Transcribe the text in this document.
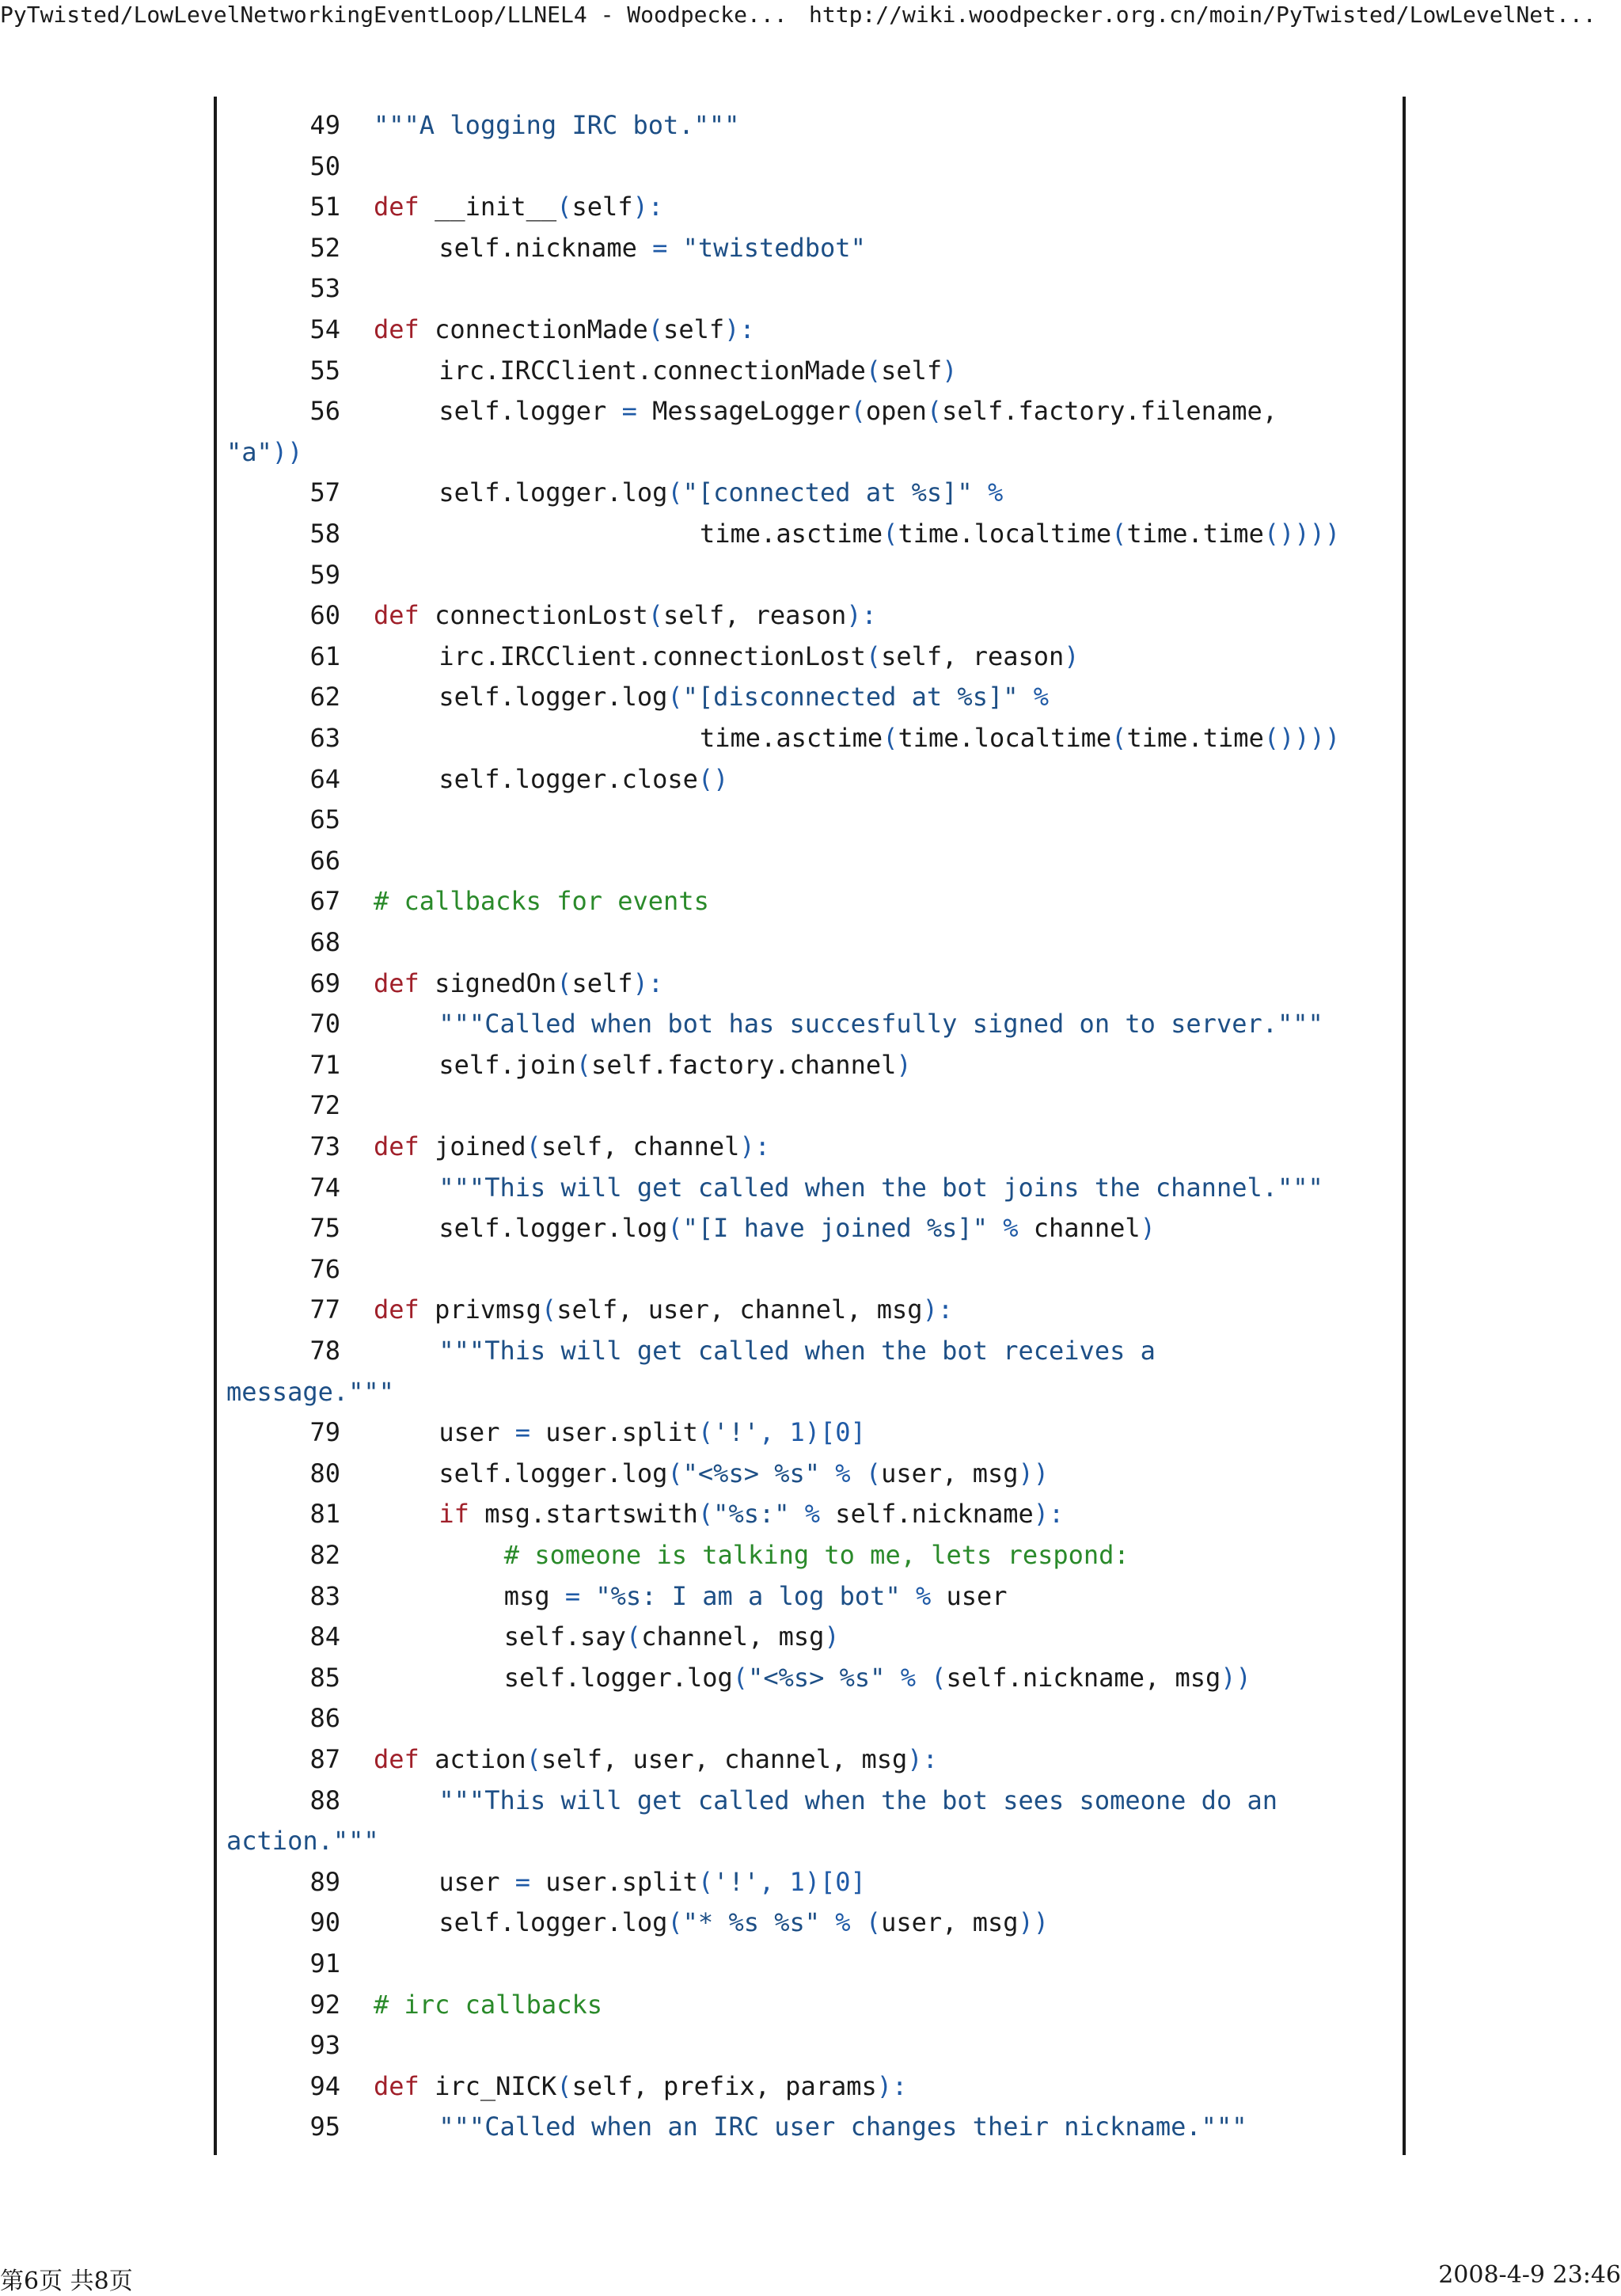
PyTwisted/LowLevelNetworkingEventLoop/LLNEL4 - Woodpecke... http://wiki.woodpecker.org.cn/moin/PyTwisted/LowLevelNet...
49 """A logging IRC bot."""
50
51 def __init__(self):
52	self.nickname = "twistedbot"
53
54 def connectionMade(self):
55	irc.IRCClient.connectionMade(self)
56	self.logger = MessageLogger(open(self.factory.filename,
"a"))
57	self.logger.log("[connected at %s]" %
58	time.asctime(time.localtime(time.time())))
59
60 def connectionLost(self, reason):
61	irc.IRCClient.connectionLost(self, reason)
62	self.logger.log("[disconnected at %s]" %
63	time.asctime(time.localtime(time.time())))
64	self.logger.close()
65
66
67 # callbacks for events
68
69 def signedOn(self):
70	"""Called when bot has succesfully signed on to server."""
71	self.join(self.factory.channel)
72
73 def joined(self, channel):
74	"""This will get called when the bot joins the channel."""
75	self.logger.log("[I have joined %s]" % channel)
76
77 def privmsg(self, user, channel, msg):
78	"""This will get called when the bot receives a
message."""
79	user = user.split('!', 1)[0]
80	self.logger.log("<%s> %s" % (user, msg))
81	if msg.startswith("%s:" % self.nickname):
82	# someone is talking to me, lets respond:
83	msg = "%s: I am a log bot" % user
84	self.say(channel, msg)
85	self.logger.log("<%s> %s" % (self.nickname, msg))
86
87 def action(self, user, channel, msg):
88	"""This will get called when the bot sees someone do an
action."""
89	user = user.split('!', 1)[0]
90	self.logger.log("* %s %s" % (user, msg))
91
92 # irc callbacks
93
94 def irc_NICK(self, prefix, params):
95	"""Called when an IRC user changes their nickname."""
第6页 共8页	2008-4-9 23:46
